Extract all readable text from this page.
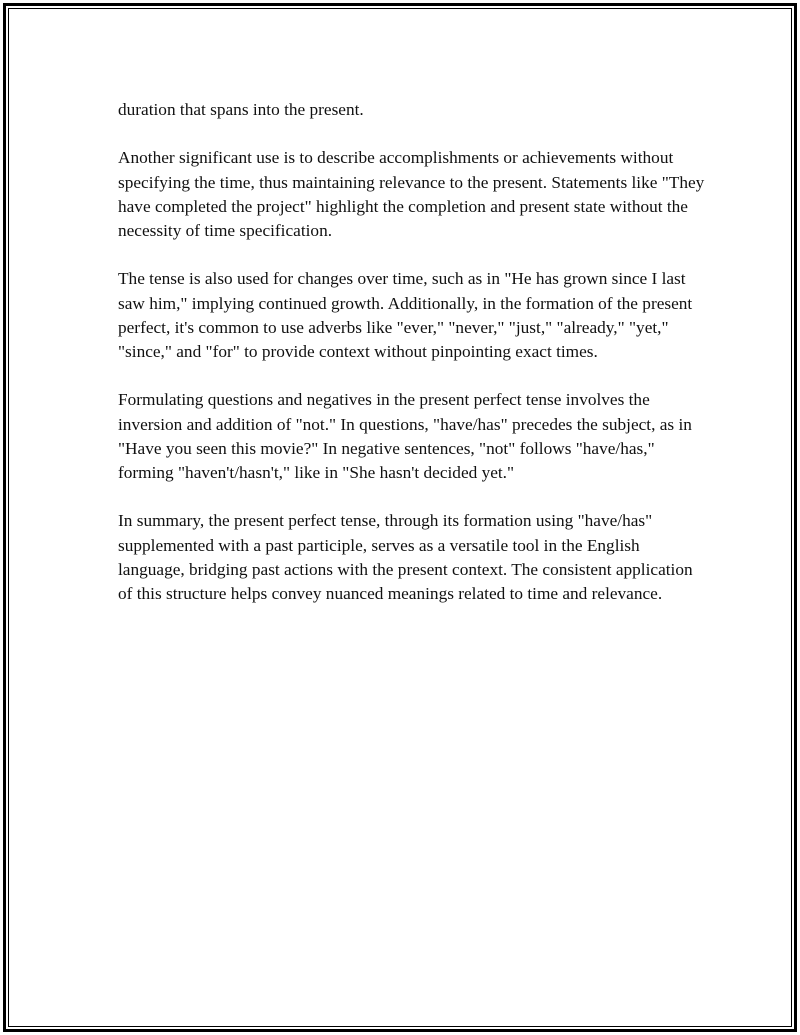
duration that spans into the present.

Another significant use is to describe accomplishments or achievements without specifying the time, thus maintaining relevance to the present. Statements like "They have completed the project" highlight the completion and present state without the necessity of time specification.

The tense is also used for changes over time, such as in "He has grown since I last saw him," implying continued growth. Additionally, in the formation of the present perfect, it's common to use adverbs like "ever," "never," "just," "already," "yet," "since," and "for" to provide context without pinpointing exact times.

Formulating questions and negatives in the present perfect tense involves the inversion and addition of "not." In questions, "have/has" precedes the subject, as in "Have you seen this movie?" In negative sentences, "not" follows "have/has," forming "haven't/hasn't," like in "She hasn't decided yet."

In summary, the present perfect tense, through its formation using "have/has" supplemented with a past participle, serves as a versatile tool in the English language, bridging past actions with the present context. The consistent application of this structure helps convey nuanced meanings related to time and relevance.
